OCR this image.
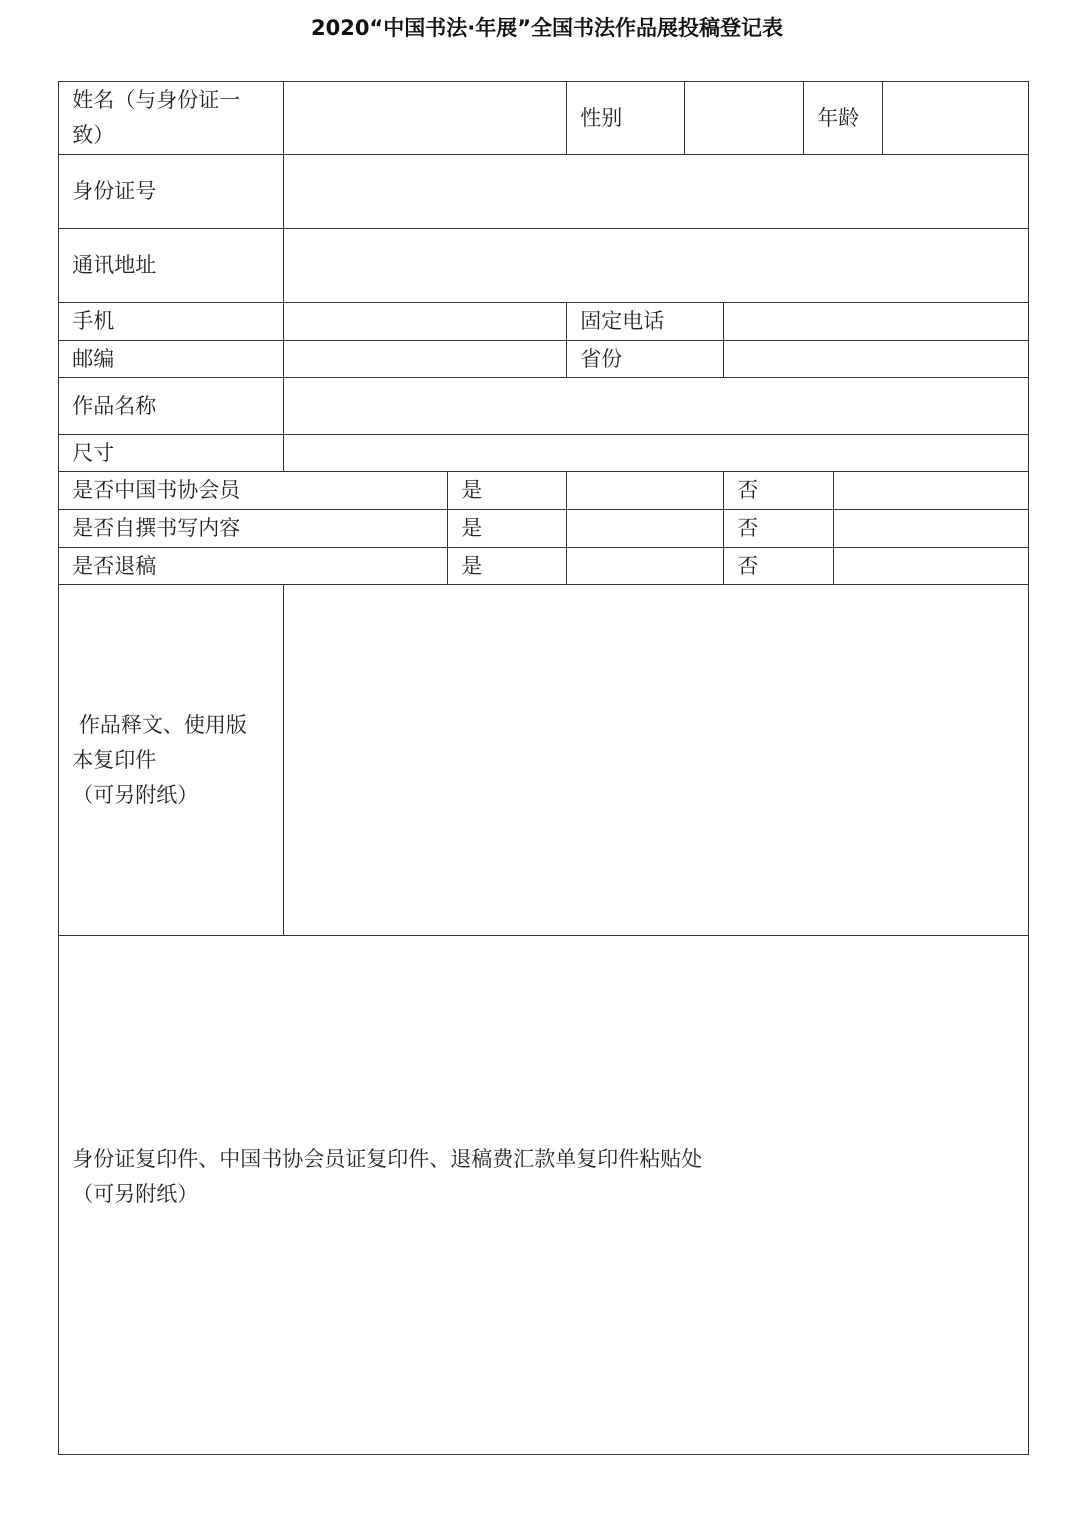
2020“中国书法·年展”全国书法作品展投稿登记表
姓名（与身份证一
致）
性别	年龄
身份证号
通讯地址
手机	固定电话
邮编	省份
作品名称
尺寸
是否中国书协会员	是	否
是否自撰书写内容	是	否
是否退稿	是	否
作品释文、使用版
本复印件
（可另附纸）
身份证复印件、中国书协会员证复印件、退稿费汇款单复印件粘贴处
（可另附纸）
